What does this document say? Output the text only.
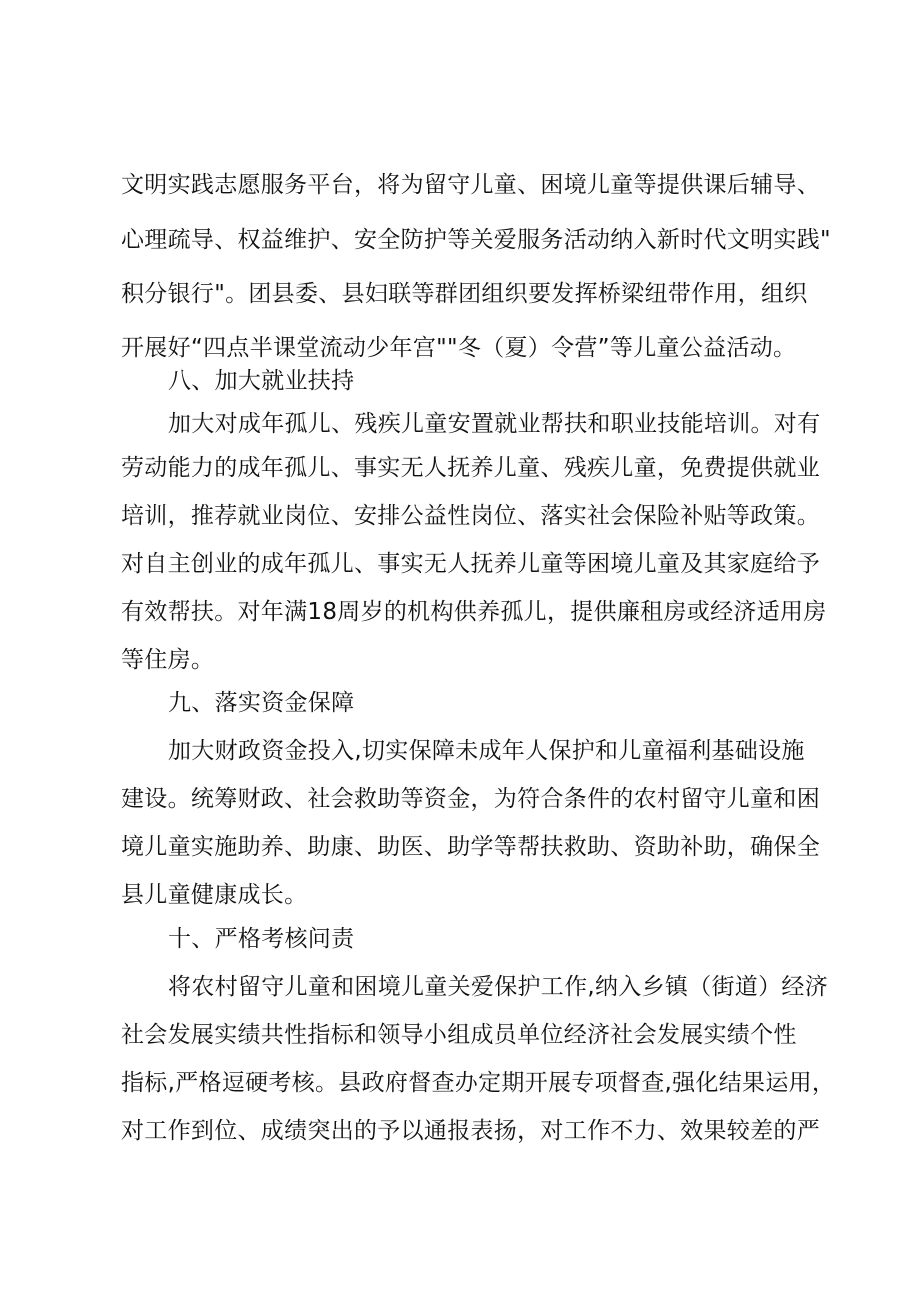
文明实践志愿服务平台，将为留守儿童、困境儿童等提供课后辅导、
心理疏导、权益维护、安全防护等关爱服务活动纳入新时代文明实践"
积分银行"。团县委、县妇联等群团组织要发挥桥梁纽带作用，组织
开展好“四点半课堂流动少年宫""冬（夏）令营”等儿童公益活动。
八、加大就业扶持
加大对成年孤儿、残疾儿童安置就业帮扶和职业技能培训。对有
劳动能力的成年孤儿、事实无人抚养儿童、残疾儿童，免费提供就业
培训，推荐就业岗位、安排公益性岗位、落实社会保险补贴等政策。
对自主创业的成年孤儿、事实无人抚养儿童等困境儿童及其家庭给予
有效帮扶。对年满18周岁的机构供养孤儿，提供廉租房或经济适用房
等住房。
九、落实资金保障
加大财政资金投入,切实保障未成年人保护和儿童福利基础设施
建设。统筹财政、社会救助等资金，为符合条件的农村留守儿童和困
境儿童实施助养、助康、助医、助学等帮扶救助、资助补助，确保全
县儿童健康成长。
十、严格考核问责
将农村留守儿童和困境儿童关爱保护工作,纳入乡镇（街道）经济
社会发展实绩共性指标和领导小组成员单位经济社会发展实绩个性
指标,严格逗硬考核。县政府督查办定期开展专项督查,强化结果运用，
对工作到位、成绩突出的予以通报表扬，对工作不力、效果较差的严
